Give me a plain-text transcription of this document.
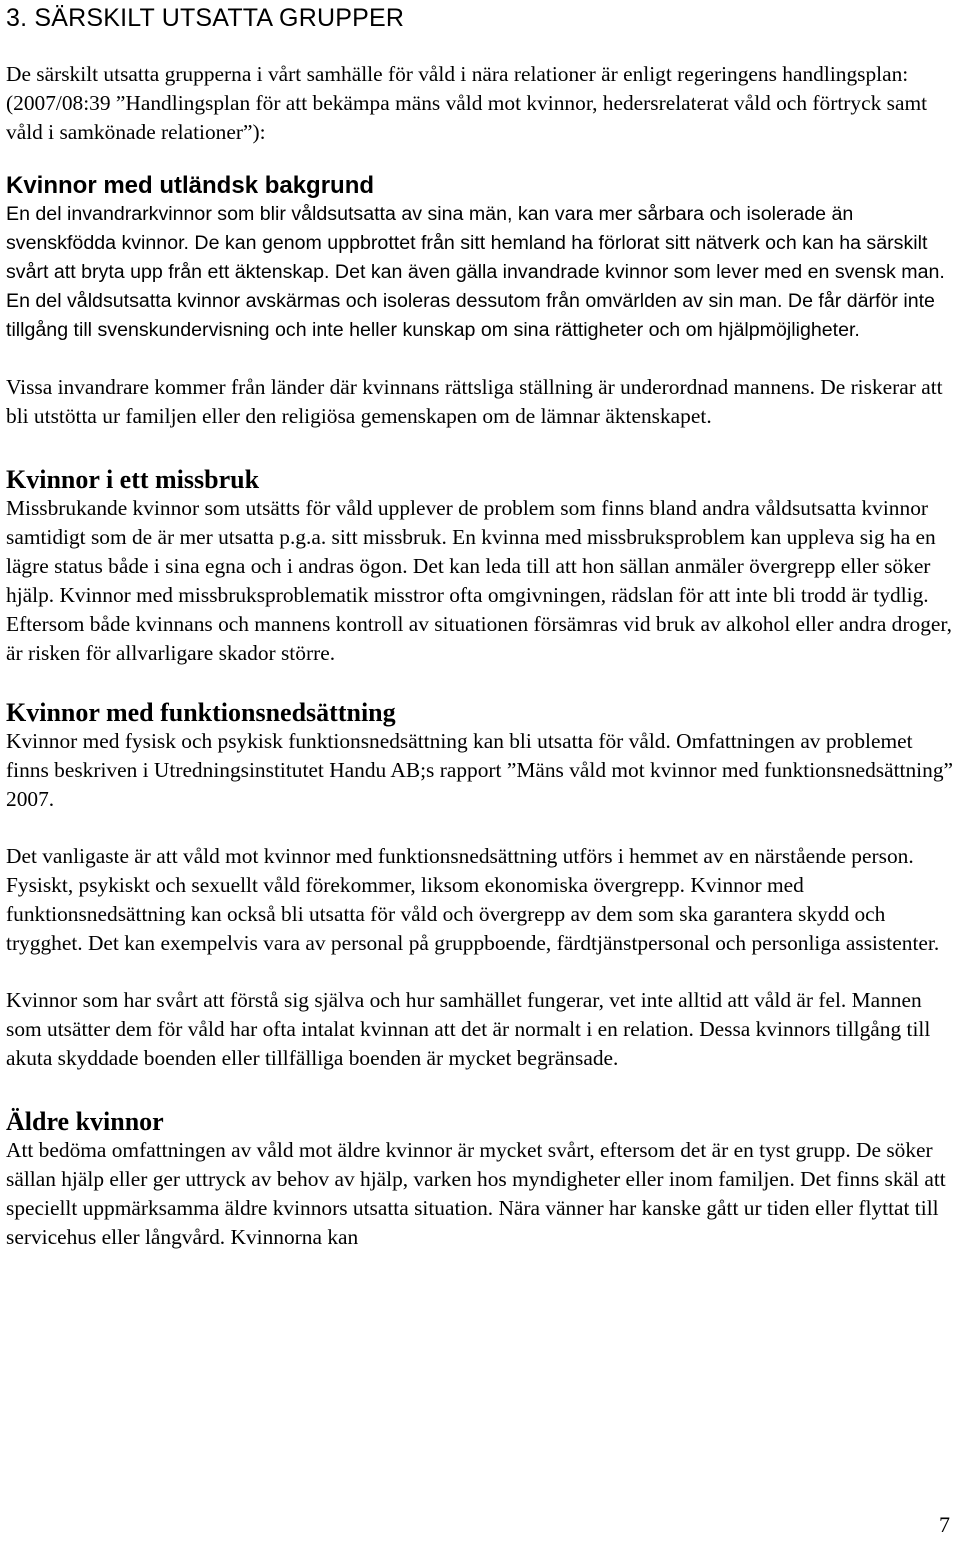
3. SÄRSKILT UTSATTA GRUPPER

De särskilt utsatta grupperna i vårt samhälle för våld i nära relationer är enligt regeringens handlingsplan: (2007/08:39 ”Handlingsplan för att bekämpa mäns våld mot kvinnor, hedersrelaterat våld och förtryck samt våld i samkönade relationer”):

Kvinnor med utländsk bakgrund

En del invandrarkvinnor som blir våldsutsatta av sina män, kan vara mer sårbara och isolerade än svenskfödda kvinnor. De kan genom uppbrottet från sitt hemland ha förlorat sitt nätverk och kan ha särskilt svårt att bryta upp från ett äktenskap. Det kan även gälla invandrade kvinnor som lever med en svensk man. En del våldsutsatta kvinnor avskärmas och isoleras dessutom från omvärlden av sin man. De får därför inte tillgång till svenskundervisning och inte heller kunskap om sina rättigheter och om hjälpmöjligheter.

Vissa invandrare kommer från länder där kvinnans rättsliga ställning är underordnad mannens. De riskerar att bli utstötta ur familjen eller den religiösa gemenskapen om de lämnar äktenskapet.

Kvinnor i ett missbruk

Missbrukande kvinnor som utsätts för våld upplever de problem som finns bland andra våldsutsatta kvinnor samtidigt som de är mer utsatta p.g.a. sitt missbruk. En kvinna med missbruksproblem kan uppleva sig ha en lägre status både i sina egna och i andras ögon. Det kan leda till att hon sällan anmäler övergrepp eller söker hjälp. Kvinnor med missbruksproblematik misstror ofta omgivningen, rädslan för att inte bli trodd är tydlig. Eftersom både kvinnans och mannens kontroll av situationen försämras vid bruk av alkohol eller andra droger, är risken för allvarligare skador större.

Kvinnor med funktionsnedsättning

Kvinnor med fysisk och psykisk funktionsnedsättning kan bli utsatta för våld. Omfattningen av problemet finns beskriven i Utredningsinstitutet Handu AB;s rapport ”Mäns våld mot kvinnor med funktionsnedsättning” 2007.

Det vanligaste är att våld mot kvinnor med funktionsnedsättning utförs i hemmet av en närstående person. Fysiskt, psykiskt och sexuellt våld förekommer, liksom ekonomiska övergrepp. Kvinnor med funktionsnedsättning kan också bli utsatta för våld och övergrepp av dem som ska garantera skydd och trygghet. Det kan exempelvis vara av personal på gruppboende, färdtjänstpersonal och personliga assistenter.

Kvinnor som har svårt att förstå sig själva och hur samhället fungerar, vet inte alltid att våld är fel. Mannen som utsätter dem för våld har ofta intalat kvinnan att det är normalt i en relation. Dessa kvinnors tillgång till akuta skyddade boenden eller tillfälliga boenden är mycket begränsade.

Äldre kvinnor

Att bedöma omfattningen av våld mot äldre kvinnor är mycket svårt, eftersom det är en tyst grupp. De söker sällan hjälp eller ger uttryck av behov av hjälp, varken hos myndigheter eller inom familjen. Det finns skäl att speciellt uppmärksamma äldre kvinnors utsatta situation. Nära vänner har kanske gått ur tiden eller flyttat till servicehus eller långvård. Kvinnorna kan

7
